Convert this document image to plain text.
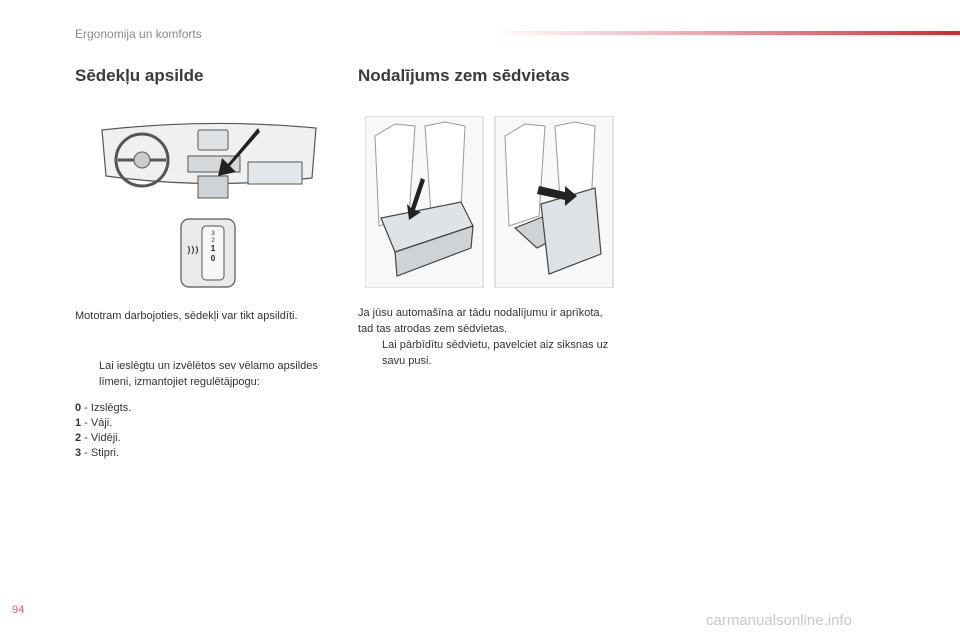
Ergonomija un komforts
Sēdekļu apsilde	Nodalījums zem sēdvietas
3
2
1
0
Mototram darbojoties, sēdekļi var tikt apsildīti.
Lai ieslēgtu un izvēlētos sev vēlamo apsildes līmeni, izmantojiet regulētājpogu:
0 - Izslēgts.
1 - Vāji.
2 - Vidēji.
3 - Stipri.
Ja jūsu automašīna ar tādu nodalījumu ir aprīkota, tad tas atrodas zem sēdvietas.
Lai pārbīdītu sēdvietu, pavelciet aiz siksnas uz savu pusi.
94
carmanualsonline.info
